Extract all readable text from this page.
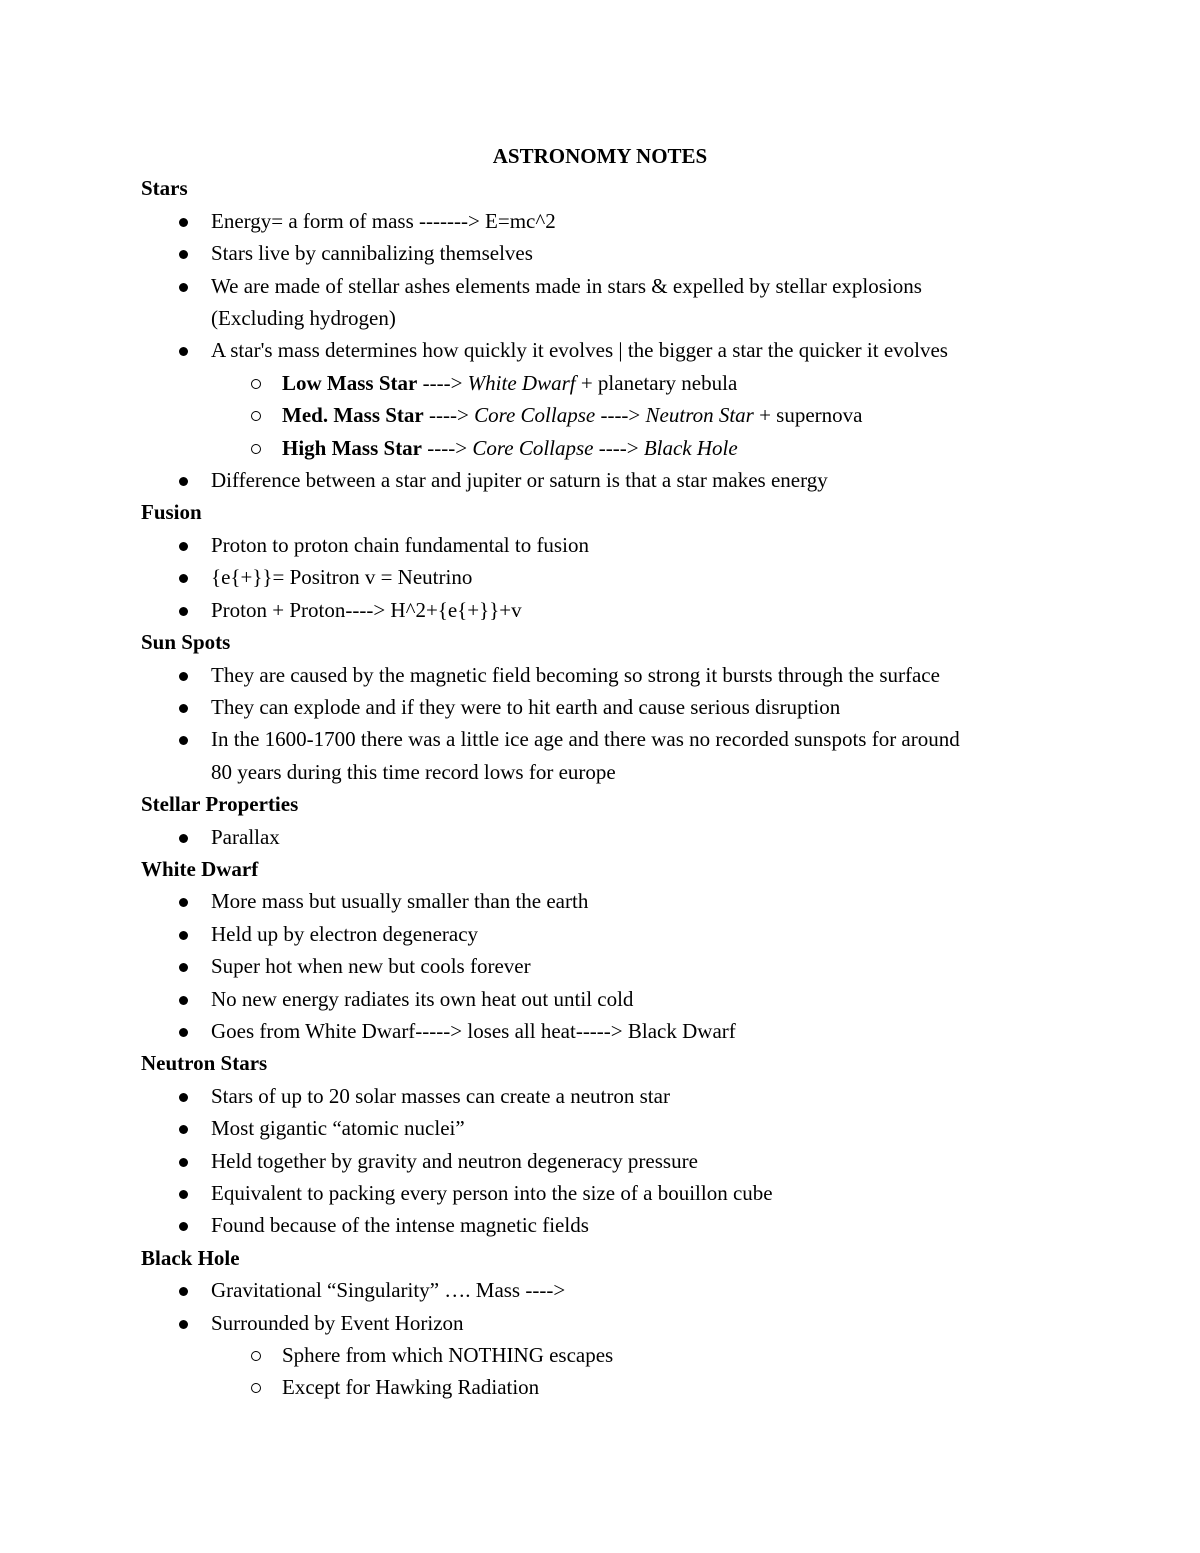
ASTRONOMY NOTES
Stars
Energy= a form of mass -------> E=mc^2
Stars live by cannibalizing themselves
We are made of stellar ashes elements made in stars & expelled by stellar explosions
(Excluding hydrogen)
A star's mass determines how quickly it evolves | the bigger a star the quicker it evolves
Low Mass Star ----> White Dwarf + planetary nebula
Med. Mass Star ----> Core Collapse ----> Neutron Star + supernova
High Mass Star ----> Core Collapse ----> Black Hole
Difference between a star and jupiter or saturn is that a star makes energy
Fusion
Proton to proton chain fundamental to fusion
{e{+}}= Positron v = Neutrino
Proton + Proton----> H^2+{e{+}}+v
Sun Spots
They are caused by the magnetic field becoming so strong it bursts through the surface
They can explode and if they were to hit earth and cause serious disruption
In the 1600-1700 there was a little ice age and there was no recorded sunspots for around
80 years during this time record lows for europe
Stellar Properties
Parallax
White Dwarf
More mass but usually smaller than the earth
Held up by electron degeneracy
Super hot when new but cools forever
No new energy radiates its own heat out until cold
Goes from White Dwarf-----> loses all heat-----> Black Dwarf
Neutron Stars
Stars of up to 20 solar masses can create a neutron star
Most gigantic “atomic nuclei”
Held together by gravity and neutron degeneracy pressure
Equivalent to packing every person into the size of a bouillon cube
Found because of the intense magnetic fields
Black Hole
Gravitational “Singularity” …. Mass ---->
Surrounded by Event Horizon
Sphere from which NOTHING escapes
Except for Hawking Radiation
